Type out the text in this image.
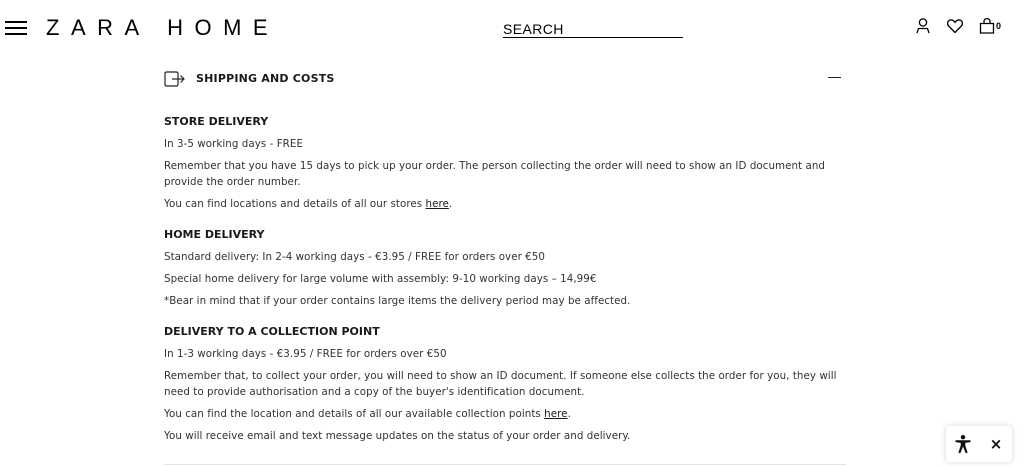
ZARA HOME	SEARCH	0
SHIPPING AND COSTS
STORE DELIVERY
In 3-5 working days - FREE
Remember that you have 15 days to pick up your order. The person collecting the order will need to show an ID document and provide the order number.
You can find locations and details of all our stores here.
HOME DELIVERY
Standard delivery: In 2-4 working days - €3.95 / FREE for orders over €50
Special home delivery for large volume with assembly: 9-10 working days – 14,99€
*Bear in mind that if your order contains large items the delivery period may be affected.
DELIVERY TO A COLLECTION POINT
In 1-3 working days - €3.95 / FREE for orders over €50
Remember that, to collect your order, you will need to show an ID document. If someone else collects the order for you, they will need to provide authorisation and a copy of the buyer's identification document.
You can find the location and details of all our available collection points here.
You will receive email and text message updates on the status of your order and delivery.	×
